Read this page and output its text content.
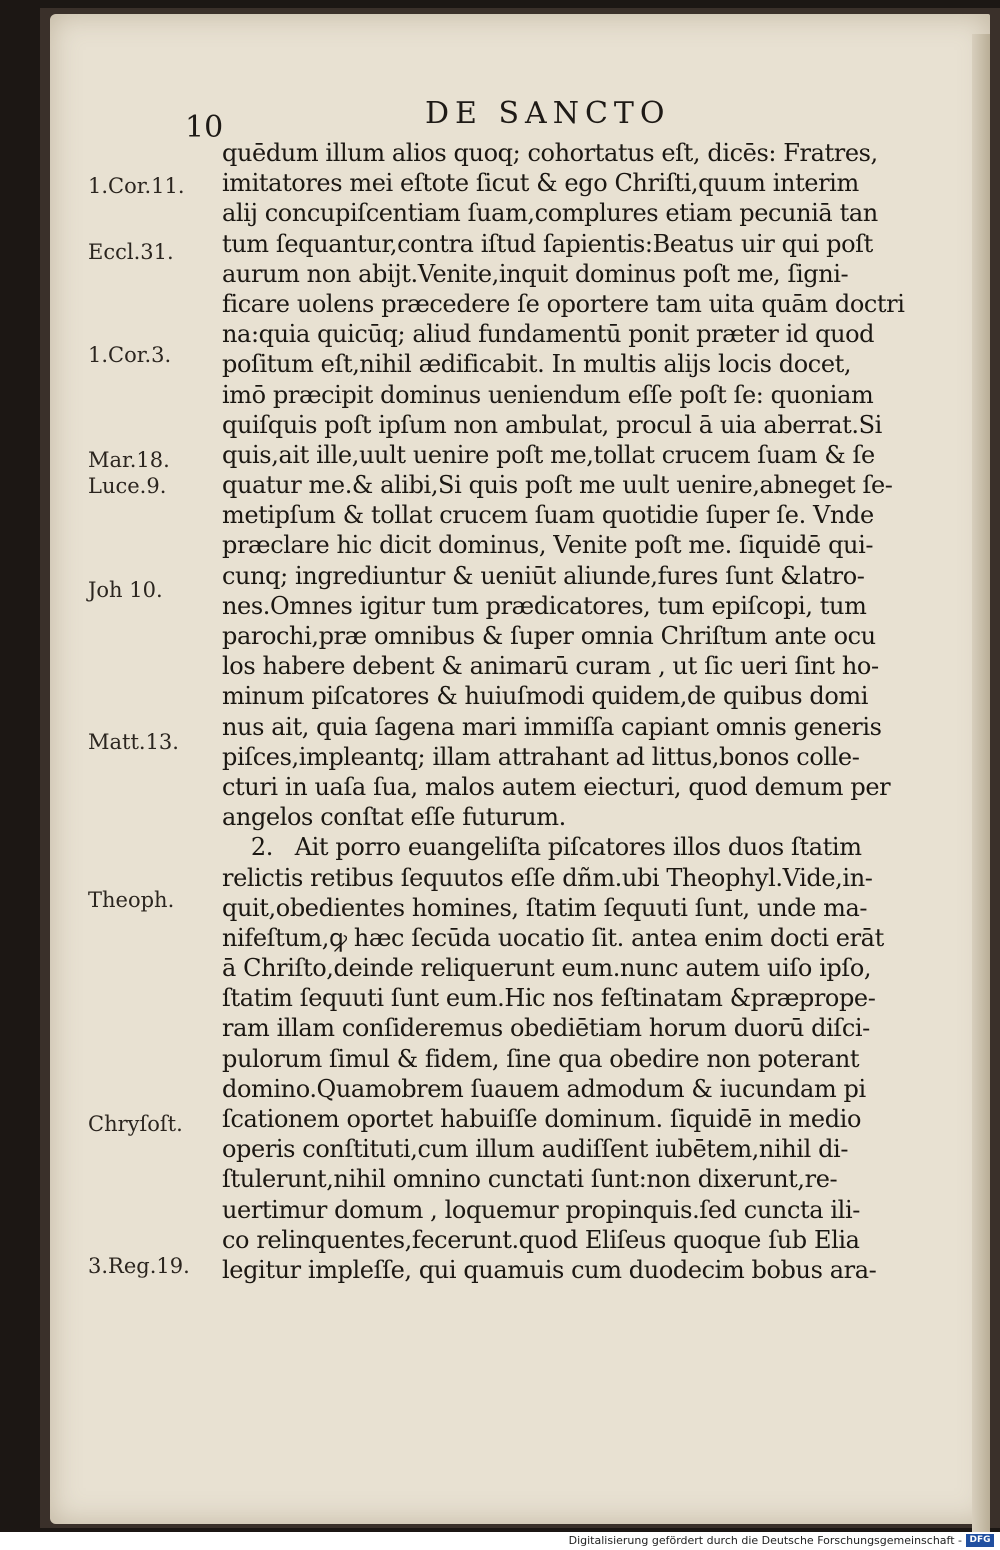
10	DE SANCTO
quēdum illum alios quoq; cohortatus eſt, dicēs: Fratres,
imitatores mei eſtote ſicut & ego Chriſti,quum interim
alij concupiſcentiam ſuam,complures etiam pecuniā tan
tum ſequantur,contra iſtud ſapientis:Beatus uir qui poſt
aurum non abijt.Venite,inquit dominus poſt me, ſigni-
ficare uolens præcedere ſe oportere tam uita quām doctri
na:quia quicūq; aliud fundamentū ponit præter id quod
poſitum eſt,nihil ædificabit. In multis alijs locis docet,
imō præcipit dominus ueniendum eſſe poſt ſe: quoniam
quiſquis poſt ipſum non ambulat, procul ā uia aberrat.Si
quis,ait ille,uult uenire poſt me,tollat crucem ſuam & ſe
quatur me.& alibi,Si quis poſt me uult uenire,abneget ſe-
metipſum & tollat crucem ſuam quotidie ſuper ſe. Vnde
præclare hic dicit dominus, Venite poſt me. ſiquidē qui-
cunq; ingrediuntur & ueniūt aliunde,fures ſunt &latro-
nes.Omnes igitur tum prædicatores, tum epiſcopi, tum
parochi,præ omnibus & ſuper omnia Chriſtum ante ocu
los habere debent & animarū curam , ut ſic ueri ſint ho-
minum piſcatores & huiuſmodi quidem,de quibus domi
nus ait, quia ſagena mari immiſſa capiant omnis generis
piſces,impleantq; illam attrahant ad littus,bonos colle-
cturi in uaſa ſua, malos autem eiecturi, quod demum per
angelos conſtat eſſe futurum.
2.   Ait porro euangeliſta piſcatores illos duos ſtatim
relictis retibus ſequutos eſſe dñm.ubi Theophyl.Vide,in-
quit,obedientes homines, ſtatim ſequuti ſunt, unde ma-
nifeſtum,ꝙ hæc ſecūda uocatio ſit. antea enim docti erāt
ā Chriſto,deinde reliquerunt eum.nunc autem uiſo ipſo,
ſtatim ſequuti ſunt eum.Hic nos feſtinatam &præprope-
ram illam conſideremus obediētiam horum duorū diſci-
pulorum ſimul & fidem, ſine qua obedire non poterant
domino.Quamobrem ſuauem admodum & iucundam pi
ſcationem oportet habuiſſe dominum. ſiquidē in medio
operis conſtituti,cum illum audiſſent iubētem,nihil di-
ſtulerunt,nihil omnino cunctati ſunt:non dixerunt,re-
uertimur domum , loquemur propinquis.ſed cuncta ili-
co relinquentes,fecerunt.quod Eliſeus quoque ſub Elia
legitur impleſſe, qui quamuis cum duodecim bobus ara-
1.Cor.11.
Eccl.31.
1.Cor.3.
Mar.18.
Luce.9.
Joh 10.
Matt.13.
Theoph.
Chryſoſt.
3.Reg.19.
Digitalisierung gefördert durch die Deutsche Forschungsgemeinschaft - DFG
